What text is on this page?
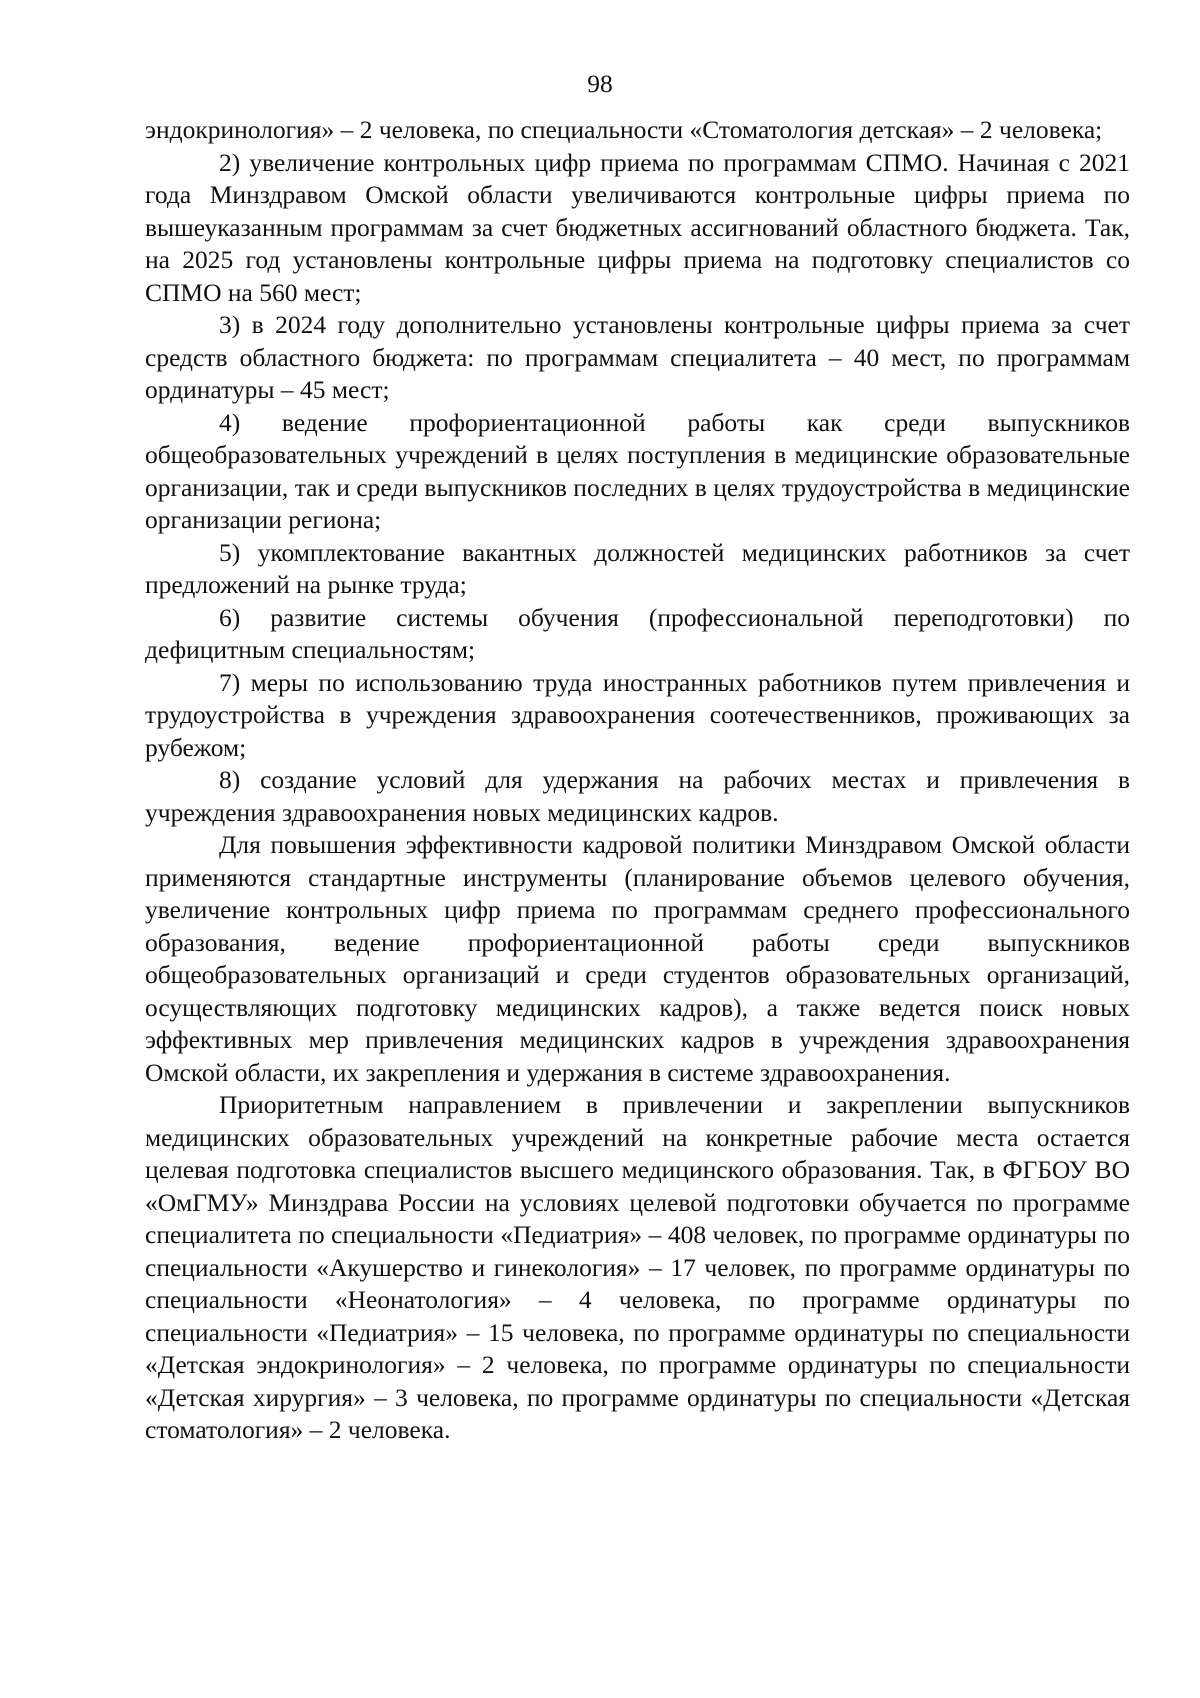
98

эндокринология» – 2 человека, по специальности «Стоматология детская» – 2 человека;

2) увеличение контрольных цифр приема по программам СПМО. Начиная с 2021 года Минздравом Омской области увеличиваются контрольные цифры приема по вышеуказанным программам за счет бюджетных ассигнований областного бюджета. Так, на 2025 год установлены контрольные цифры приема на подготовку специалистов со СПМО на 560 мест;

3) в 2024 году дополнительно установлены контрольные цифры приема за счет средств областного бюджета: по программам специалитета – 40 мест, по программам ординатуры – 45 мест;

4) ведение профориентационной работы как среди выпускников общеобразовательных учреждений в целях поступления в медицинские образовательные организации, так и среди выпускников последних в целях трудоустройства в медицинские организации региона;

5) укомплектование вакантных должностей медицинских работников за счет предложений на рынке труда;

6) развитие системы обучения (профессиональной переподготовки) по дефицитным специальностям;

7) меры по использованию труда иностранных работников путем привлечения и трудоустройства в учреждения здравоохранения соотечественников, проживающих за рубежом;

8) создание условий для удержания на рабочих местах и привлечения в учреждения здравоохранения новых медицинских кадров.

Для повышения эффективности кадровой политики Минздравом Омской области применяются стандартные инструменты (планирование объемов целевого обучения, увеличение контрольных цифр приема по программам среднего профессионального образования, ведение профориентационной работы среди выпускников общеобразовательных организаций и среди студентов образовательных организаций, осуществляющих подготовку медицинских кадров), а также ведется поиск новых эффективных мер привлечения медицинских кадров в учреждения здравоохранения Омской области, их закрепления и удержания в системе здравоохранения.

Приоритетным направлением в привлечении и закреплении выпускников медицинских образовательных учреждений на конкретные рабочие места остается целевая подготовка специалистов высшего медицинского образования. Так, в ФГБОУ ВО «ОмГМУ» Минздрава России на условиях целевой подготовки обучается по программе специалитета по специальности «Педиатрия» – 408 человек, по программе ординатуры по специальности «Акушерство и гинекология» – 17 человек, по программе ординатуры по специальности «Неонатология» – 4 человека, по программе ординатуры по специальности «Педиатрия» – 15 человека, по программе ординатуры по специальности «Детская эндокринология» – 2 человека, по программе ординатуры по специальности «Детская хирургия» – 3 человека, по программе ординатуры по специальности «Детская стоматология» – 2 человека.
